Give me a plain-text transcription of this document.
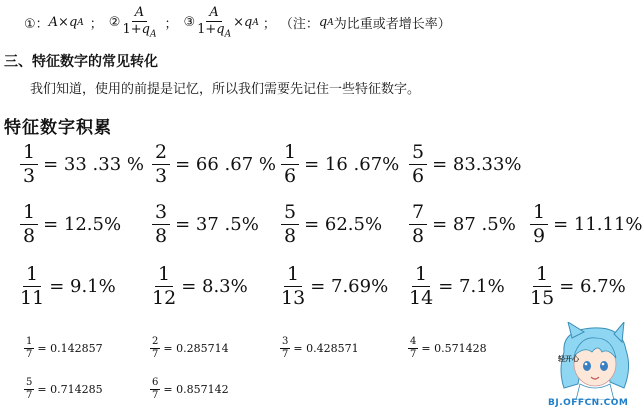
①： A × q A ； ② $\frac{A}{1+q_A}$ ； ③ $\frac{A}{1+q_A} \times q$ A ； （注： q A 为比重或者增长率）
三、特征数字的常见转化
我们知道，使用的前提是记忆，所以我们需要先记住一些特征数字。
特征数字积累
$\frac{1}{3} = 33$ .33 % $\frac{2}{3} = 66$ .67 % $\frac{1}{6} = 16$ $.67\% \frac{5}{6} = 83.33\%$
$\frac{1}{8} = 12.5\% \frac{3}{8} = 37$ $.5\% \frac{5}{8} = 62.5\% \frac{7}{8} = 87$ $.5\% \frac{1}{9} = 11.11\%$
$\frac{1}{11} = 9.1\% \frac{1}{12} = 8.3\% \frac{1}{13} = 7.69\% \frac{1}{14} = 7.1\% \frac{1}{15} = 6.7\%$
$\frac{1}{7} = 0.142857$	$\frac{2}{7} = 0.285714$	$\frac{3}{7} = 0.428571$	$\frac{4}{7} = 0.571428$
$\frac{5}{7} = 0.714285$	$\frac{6}{7} = 0.857142$
轻开心
BJ.OFFCN.COM
